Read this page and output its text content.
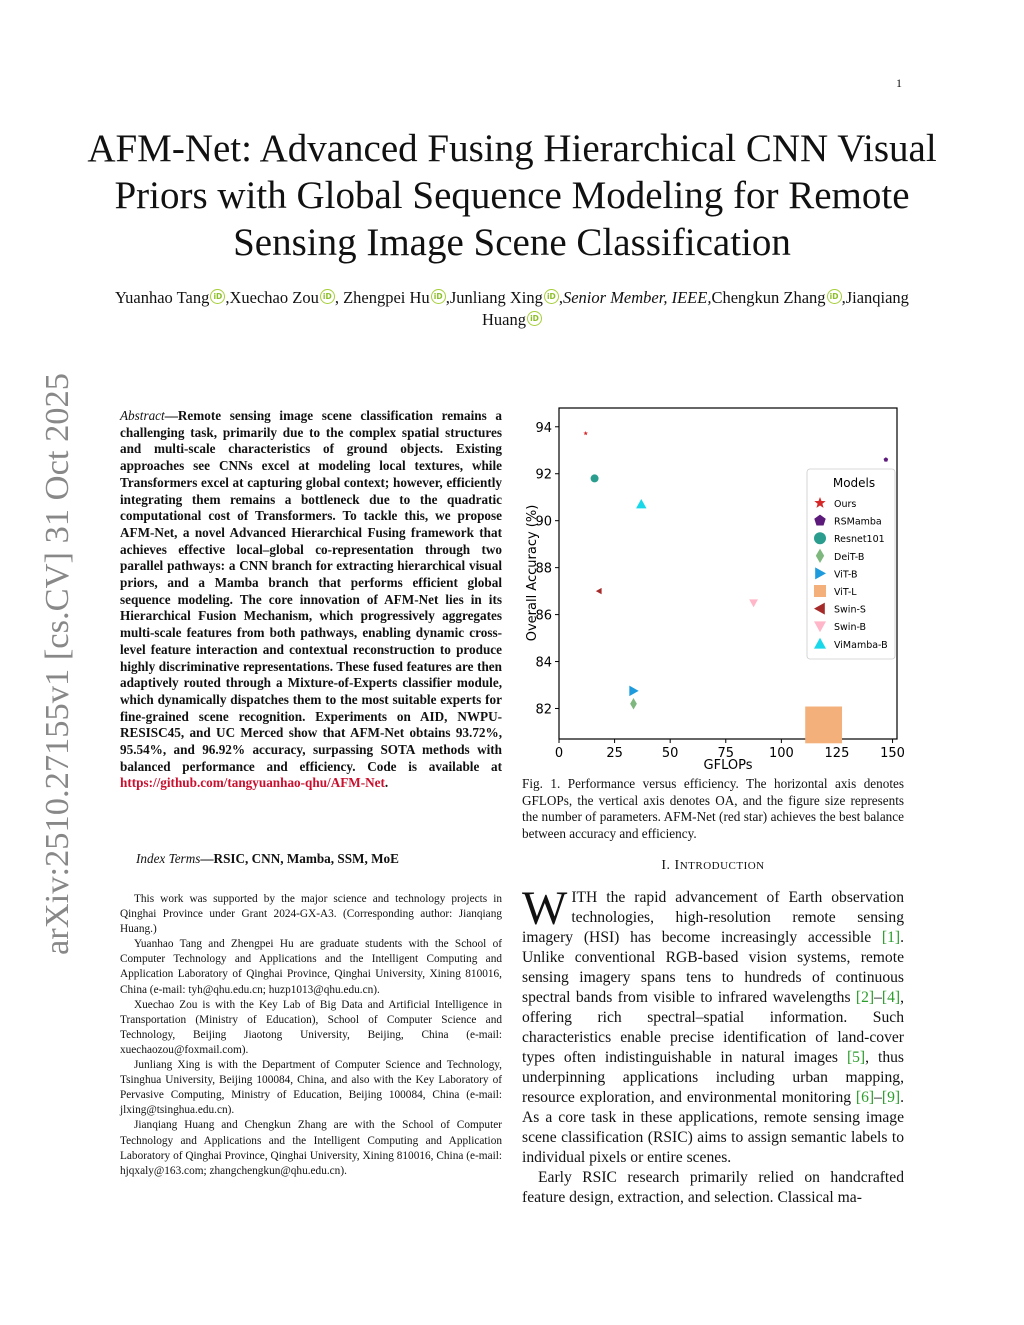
1
arXiv:2510.27155v1 [cs.CV] 31 Oct 2025
AFM-Net: Advanced Fusing Hierarchical CNN Visual Priors with Global Sequence Modeling for Remote Sensing Image Scene Classification
Yuanhao Tang iD ,Xuechao Zou iD , Zhengpei Hu iD ,Junliang Xing iD ,Senior Member, IEEE,Chengkun Zhang iD ,Jianqiang Huang iD
Abstract—Remote sensing image scene classification remains a challenging task, primarily due to the complex spatial structures and multi-scale characteristics of ground objects. Existing approaches see CNNs excel at modeling local textures, while Transformers excel at capturing global context; however, efficiently integrating them remains a bottleneck due to the quadratic computational cost of Transformers. To tackle this, we propose AFM-Net, a novel Advanced Hierarchical Fusing framework that achieves effective local–global co-representation through two parallel pathways: a CNN branch for extracting hierarchical visual priors, and a Mamba branch that performs efficient global sequence modeling. The core innovation of AFM-Net lies in its Hierarchical Fusion Mechanism, which progressively aggregates multi-scale features from both pathways, enabling dynamic cross-level feature interaction and contextual reconstruction to produce highly discriminative representations. These fused features are then adaptively routed through a Mixture-of-Experts classifier module, which dynamically dispatches them to the most suitable experts for fine-grained scene recognition. Experiments on AID, NWPU-RESISC45, and UC Merced show that AFM-Net obtains 93.72%, 95.54%, and 96.92% accuracy, surpassing SOTA methods with balanced performance and efficiency. Code is available at https://github.com/tangyuanhao-qhu/AFM-Net.
Index Terms—RSIC, CNN, Mamba, SSM, MoE

This work was supported by the major science and technology projects in Qinghai Province under Grant 2024-GX-A3. (Corresponding author: Jianqiang Huang.)

Yuanhao Tang and Zhengpei Hu are graduate students with the School of Computer Technology and Applications and the Intelligent Computing and Application Laboratory of Qinghai Province, Qinghai University, Xining 810016, China (e-mail: tyh@qhu.edu.cn; huzp1013@qhu.edu.cn).

Xuechao Zou is with the Key Lab of Big Data and Artificial Intelligence in Transportation (Ministry of Education), School of Computer Science and Technology, Beijing Jiaotong University, Beijing, China (e-mail: xuechaozou@foxmail.com).

Junliang Xing is with the Department of Computer Science and Technology, Tsinghua University, Beijing 100084, China, and also with the Key Laboratory of Pervasive Computing, Ministry of Education, Beijing 100084, China (e-mail: jlxing@tsinghua.edu.cn).

Jianqiang Huang and Chengkun Zhang are with the School of Computer Technology and Applications and the Intelligent Computing and Application Laboratory of Qinghai Province, Qinghai University, Xining 810016, China (e-mail: hjqxaly@163.com; zhangchengkun@qhu.edu.cn).

0	25	50	75	100 125 150
82
84
86
88
90
92
94
GFLOPs
Overall Accuracy (%)
Models
Ours
RSMamba
Resnet101
DeiT-B
ViT-B
ViT-L
Swin-S
Swin-B
ViMamba-B
Fig. 1. Performance versus efficiency. The horizontal axis denotes GFLOPs, the vertical axis denotes OA, and the figure size represents the number of parameters. AFM-Net (red star) achieves the best balance between accuracy and efficiency.
I. INTRODUCTION

WITH the rapid advancement of Earth observation technologies, high-resolution remote sensing imagery (HSI) has become increasingly accessible [1]. Unlike conventional RGB-based vision systems, remote sensing imagery spans tens to hundreds of continuous spectral bands from visible to infrared wavelengths [2]–[4], offering rich spectral–spatial information. Such characteristics enable precise identification of land-cover types often indistinguishable in natural images [5], thus underpinning applications including urban mapping, resource exploration, and environmental monitoring [6]–[9]. As a core task in these applications, remote sensing image scene classification (RSIC) aims to assign semantic labels to individual pixels or entire scenes.

Early RSIC research primarily relied on handcrafted feature design, extraction, and selection. Classical ma-
